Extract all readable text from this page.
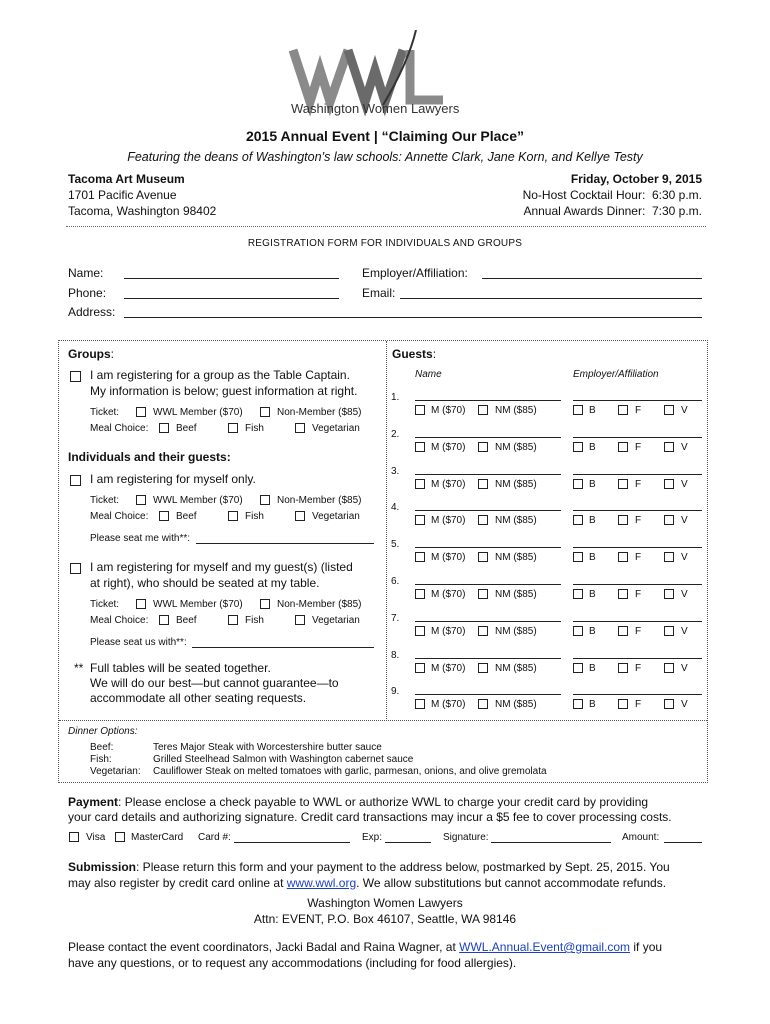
Washington Women Lawyers
2015 Annual Event | “Claiming Our Place”
Featuring the deans of Washington’s law schools: Annette Clark, Jane Korn, and Kellye Testy
Tacoma Art Museum
1701 Pacific Avenue
Tacoma, Washington 98402
Friday, October 9, 2015
No-Host Cocktail Hour:  6:30 p.m.
Annual Awards Dinner:  7:30 p.m.
REGISTRATION FORM FOR INDIVIDUALS AND GROUPS
Name:
Phone:
Address:
Employer/Affiliation:
Email:
Groups:
I am registering for a group as the Table Captain.
My information is below; guest information at right.
Ticket:	WWL Member ($70)	Non-Member ($85)
Meal Choice:	Beef	Fish	Vegetarian
Individuals and their guests:
I am registering for myself only.
Ticket:	WWL Member ($70)	Non-Member ($85)
Meal Choice:	Beef	Fish	Vegetarian
Please seat me with**:
I am registering for myself and my guest(s) (listed
at right), who should be seated at my table.
Ticket:	WWL Member ($70)	Non-Member ($85)
Meal Choice:	Beef	Fish	Vegetarian
Please seat us with**:
** Full tables will be seated together.
We will do our best—but cannot guarantee—to
accommodate all other seating requests.
Guests:
Name	Employer/Affiliation
1.
M ($70)	NM ($85)	B	F	V
2.
M ($70)	NM ($85)	B	F	V
3.
M ($70)	NM ($85)	B	F	V
4.
M ($70)	NM ($85)	B	F	V
5.
M ($70)	NM ($85)	B	F	V
6.
M ($70)	NM ($85)	B	F	V
7.
M ($70)	NM ($85)	B	F	V
8.
M ($70)	NM ($85)	B	F	V
9.
M ($70)	NM ($85)	B	F	V
Dinner Options:
Beef:	Teres Major Steak with Worcestershire butter sauce
Fish:	Grilled Steelhead Salmon with Washington cabernet sauce
Vegetarian: Cauliflower Steak on melted tomatoes with garlic, parmesan, onions, and olive gremolata
Payment: Please enclose a check payable to WWL or authorize WWL to charge your credit card by providing
your card details and authorizing signature. Credit card transactions may incur a $5 fee to cover processing costs.
Visa	MasterCard Card #:	Exp:	Signature:	Amount:
Submission: Please return this form and your payment to the address below, postmarked by Sept. 25, 2015. You
may also register by credit card online at www.wwl.org. We allow substitutions but cannot accommodate refunds.
Washington Women Lawyers
Attn: EVENT, P.O. Box 46107, Seattle, WA 98146
Please contact the event coordinators, Jacki Badal and Raina Wagner, at WWL.Annual.Event@gmail.com if you
have any questions, or to request any accommodations (including for food allergies).
